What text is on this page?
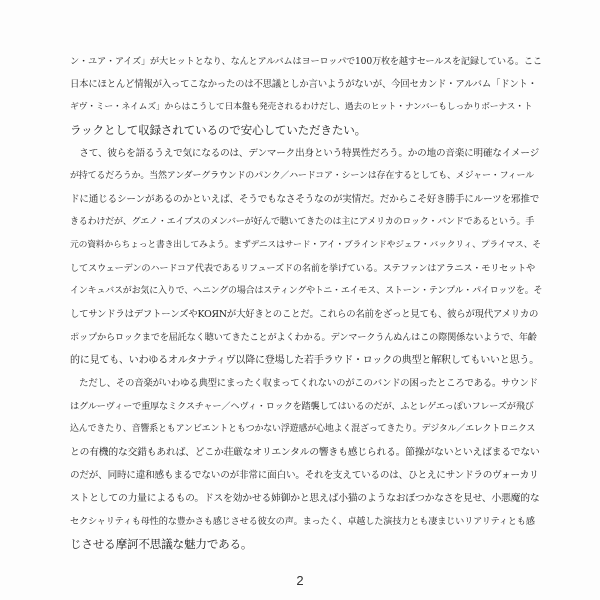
ン・ユア・アイズ」が大ヒットとなり、なんとアルバムはヨーロッパで100万枚を越すセールスを記録している。ここ
日本にほとんど情報が入ってこなかったのは不思議としか言いようがないが、今回セカンド・アルバム「ドント・
ギヴ・ミー・ネイムズ」からはこうして日本盤も発売されるわけだし、過去のヒット・ナンバーもしっかりボーナス・ト
ラックとして収録されているので安心していただきたい。
　さて、彼らを語るうえで気になるのは、デンマーク出身という特異性だろう。かの地の音楽に明確なイメージ
が持てるだろうか。当然アンダーグラウンドのパンク／ハードコア・シーンは存在するとしても、メジャー・フィール
ドに通じるシーンがあるのかといえば、そうでもなさそうなのが実情だ。だからこそ好き勝手にルーツを邪推で
きるわけだが、グエノ・エイブスのメンバーが好んで聴いてきたのは主にアメリカのロック・バンドであるという。手
元の資料からちょっと書き出してみよう。まずデニスはサード・アイ・ブラインドやジェフ・バックリィ、プライマス、そ
してスウェーデンのハードコア代表であるリフューズドの名前を挙げている。ステファンはアラニス・モリセットや
インキュバスがお気に入りで、ヘニングの場合はスティングやトニ・エイモス、ストーン・テンプル・パイロッツを。そ
してサンドラはデフトーンズやKOЯNが大好きとのことだ。これらの名前をざっと見ても、彼らが現代アメリカの
ポップからロックまでを屈託なく聴いてきたことがよくわかる。デンマークうんぬんはこの際関係ないようで、年齢
的に見ても、いわゆるオルタナティヴ以降に登場した若手ラウド・ロックの典型と解釈してもいいと思う。
　ただし、その音楽がいわゆる典型にまったく収まってくれないのがこのバンドの困ったところである。サウンド
はグルーヴィーで重厚なミクスチャー／ヘヴィ・ロックを踏襲してはいるのだが、ふとレゲエっぽいフレーズが飛び
込んできたり、音響系ともアンビエントともつかない浮遊感が心地よく混ざってきたり。デジタル／エレクトロニクス
との有機的な交錯もあれば、どこか荘厳なオリエンタルの響きも感じられる。節操がないといえばまるでない
のだが、同時に違和感もまるでないのが非常に面白い。それを支えているのは、ひとえにサンドラのヴォーカリ
ストとしての力量によるもの。ドスを効かせる姉御かと思えば小猫のようなおぼつかなさを見せ、小悪魔的な
セクシャリティも母性的な豊かさも感じさせる彼女の声。まったく、卓越した演技力とも凄まじいリアリティとも感
じさせる摩訶不思議な魅力である。
2
